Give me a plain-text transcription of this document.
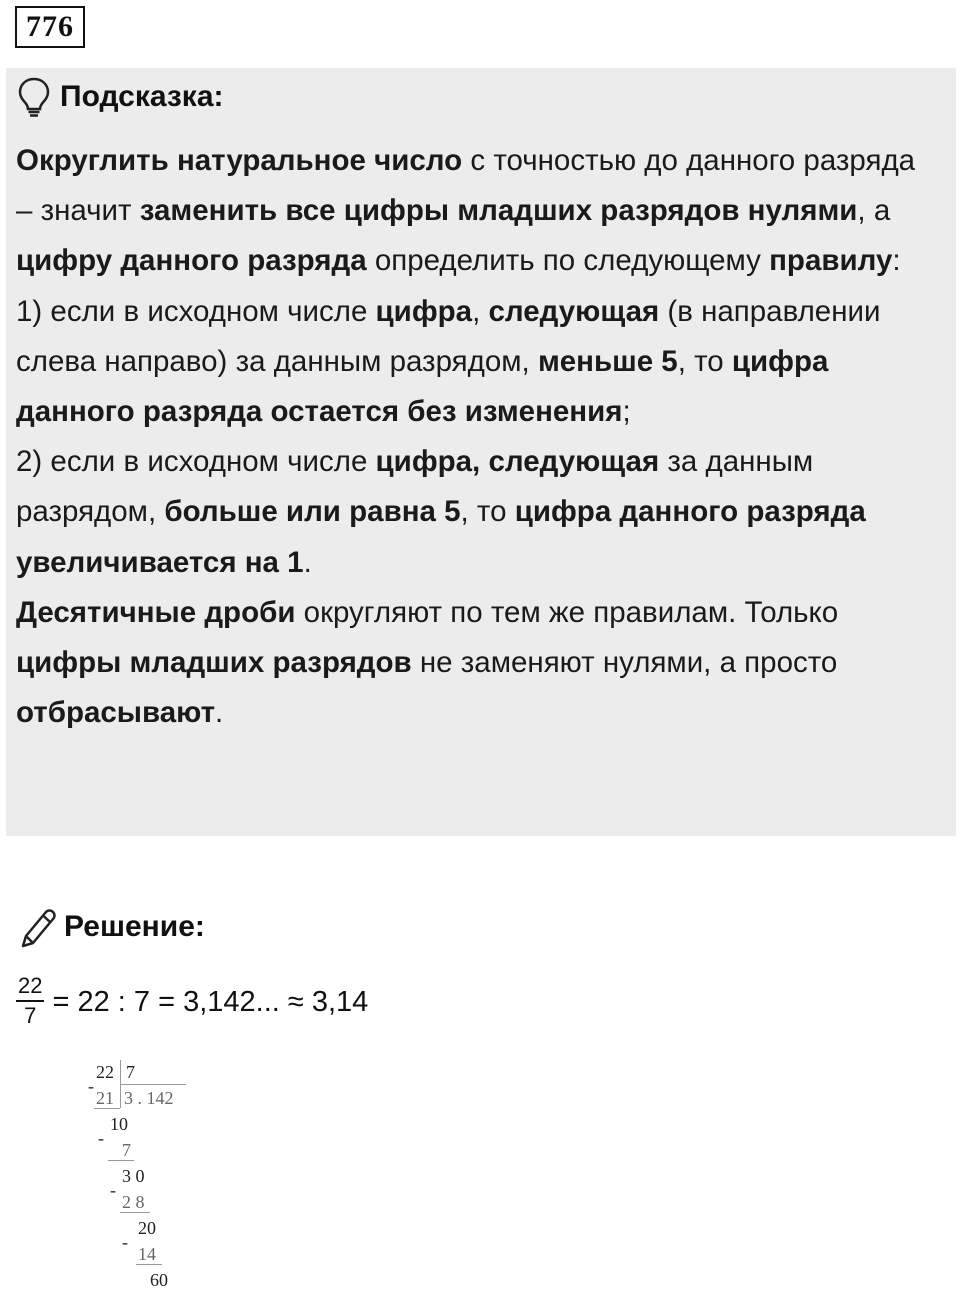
776
Подсказка:
Округлить натуральное число с точностью до данного разряда – значит заменить все цифры младших разрядов нулями, а цифру данного разряда определить по следующему правилу:
1) если в исходном числе цифра, следующая (в направлении слева направо) за данным разрядом, меньше 5, то цифра данного разряда остается без изменения;
2) если в исходном числе цифра, следующая за данным разрядом, больше или равна 5, то цифра данного разряда увеличивается на 1.
Десятичные дроби округляют по тем же правилам. Только цифры младших разрядов не заменяют нулями, а просто отбрасывают.
Решение:
$\frac{22}{7} = 22$ : 7 = 3,142... ≈ 3,14
-
22 7
21 3 . 142
-
10
7
-
3 0
2 8
-
20
14
60
